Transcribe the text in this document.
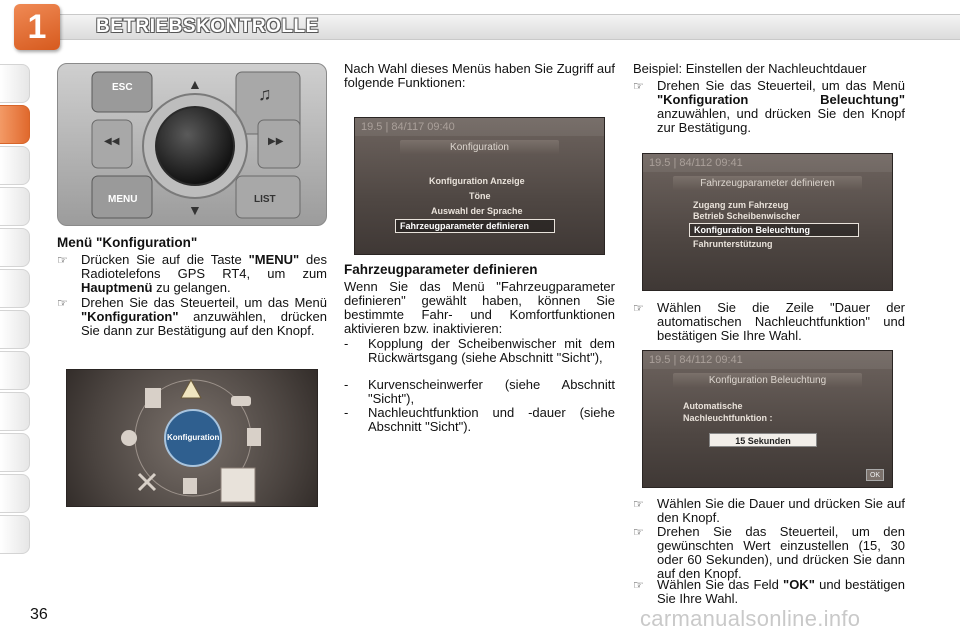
1	BETRIEBSKONTROLLE
36	carmanualsonline.info
ESC	▲	♫
◀◀	▶▶
MENU
▼
LIST
Menü "Konfiguration"
☞	Drücken Sie auf die Taste "MENU" des Radiotelefons GPS RT4, um zum Hauptmenü zu gelangen.
☞	Drehen Sie das Steuerteil, um das Menü "Konfiguration" anzuwählen, drücken Sie dann zur Bestätigung auf den Knopf.
Konfiguration
Nach Wahl dieses Menüs haben Sie Zugriff auf folgende Funktionen:
19.5 | 84/117 09:40
Konfiguration
Konfiguration Anzeige
Töne
Auswahl der Sprache
Fahrzeugparameter definieren
Fahrzeugparameter definieren
Wenn Sie das Menü "Fahrzeugparameter definieren" gewählt haben, können Sie bestimmte Fahr- und Komfortfunktionen aktivieren bzw. inaktivieren:
-	Kopplung der Scheibenwischer mit dem Rückwärtsgang (siehe Abschnitt "Sicht"),
-	Kurvenscheinwerfer (siehe Abschnitt "Sicht"),
-	Nachleuchtfunktion und -dauer (siehe Abschnitt "Sicht").
Beispiel: Einstellen der Nachleuchtdauer
☞	Drehen Sie das Steuerteil, um das Menü "Konfiguration Beleuchtung" anzuwählen, und drücken Sie den Knopf zur Bestätigung.
19.5 | 84/112 09:41
Fahrzeugparameter definieren
Zugang zum Fahrzeug
Betrieb Scheibenwischer
Konfiguration Beleuchtung
Fahrunterstützung
☞	Wählen Sie die Zeile "Dauer der automatischen Nachleuchtfunktion" und bestätigen Sie Ihre Wahl.
19.5 | 84/112 09:41
Konfiguration Beleuchtung
Automatische
Nachleuchtfunktion :
15 Sekunden
OK
☞	Wählen Sie die Dauer und drücken Sie auf den Knopf.
☞	Drehen Sie das Steuerteil, um den gewünschten Wert einzustellen (15, 30 oder 60 Sekunden), und drücken Sie dann auf den Knopf.
☞	Wählen Sie das Feld "OK" und bestätigen Sie Ihre Wahl.
